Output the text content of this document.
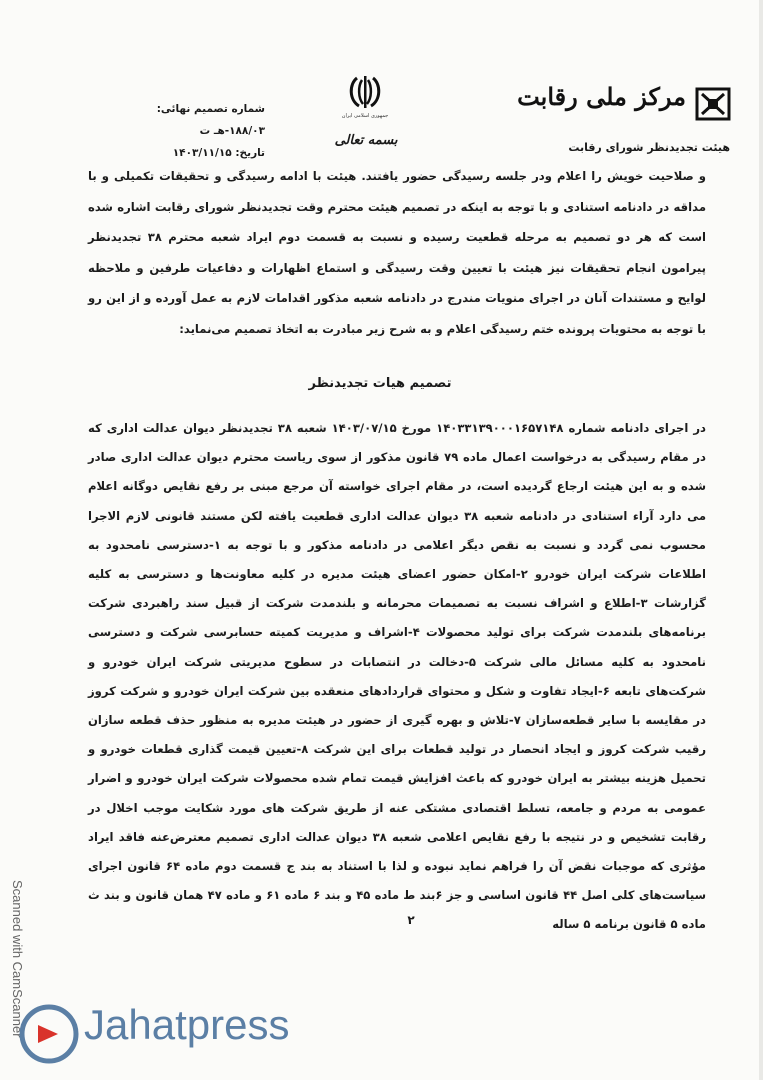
مرکز ملی رقابت
هیئت تجدیدنظر شورای رقابت
جمهوری اسلامی ایران
بسمه تعالی
شماره تصمیم نهائی: ۱۸۸/۰۳-هـ ت
تاریخ: ۱۴۰۳/۱۱/۱۵

و صلاحیت خویش را اعلام ودر جلسه رسیدگی حضور یافتند. هیئت با ادامه رسیدگی و تحقیقات تکمیلی و با مداقه در دادنامه استنادی و با توجه به اینکه در تصمیم هیئت محترم وقت تجدیدنظر شورای رقابت اشاره شده است که هر دو تصمیم به مرحله قطعیت رسیده و نسبت به قسمت دوم ایراد شعبه محترم ۳۸ تجدیدنظر پیرامون انجام تحقیقات نیز هیئت با تعیین وقت رسیدگی و استماع اظهارات و دفاعیات طرفین و ملاحظه لوایح و مستندات آنان در اجرای منویات مندرج در دادنامه شعبه مذکور اقدامات لازم به عمل آورده و از این رو با توجه به محتویات پرونده ختم رسیدگی اعلام و به شرح زیر مبادرت به اتخاذ تصمیم می‌نماید:

تصمیم هیات تجدیدنظر

در اجرای دادنامه شماره ۱۴۰۳۳۱۳۹۰۰۰۱۶۵۷۱۴۸ مورخ ۱۴۰۳/۰۷/۱۵ شعبه ۳۸ تجدیدنظر دیوان عدالت اداری که در مقام رسیدگی به درخواست اعمال ماده ۷۹ قانون مذکور از سوی ریاست محترم دیوان عدالت اداری صادر شده و به این هیئت ارجاع گردیده است، در مقام اجرای خواسته آن مرجع مبنی بر رفع نقایص دوگانه اعلام می دارد آراء استنادی در دادنامه شعبه ۳۸ دیوان عدالت اداری قطعیت یافته لکن مستند قانونی لازم الاجرا محسوب نمی گردد و نسبت به نقص دیگر اعلامی در دادنامه مذکور و با توجه به ۱-دسترسی نامحدود به اطلاعات شرکت ایران خودرو ۲-امکان حضور اعضای هیئت مدیره در کلیه معاونت‌ها و دسترسی به کلیه گزارشات ۳-اطلاع و اشراف نسبت به تصمیمات محرمانه و بلندمدت شرکت از قبیل سند راهبردی شرکت برنامه‌های بلندمدت شرکت برای تولید محصولات ۴-اشراف و مدیریت کمیته حسابرسی شرکت و دسترسی نامحدود به کلیه مسائل مالی شرکت ۵-دخالت در انتصابات در سطوح مدیریتی شرکت ایران خودرو و شرکت‌های تابعه ۶-ایجاد تفاوت و شکل و محتوای قراردادهای منعقده بین شرکت ایران خودرو و شرکت کروز در مقایسه با سایر قطعه‌سازان ۷-تلاش و بهره گیری از حضور در هیئت مدیره به منظور حذف قطعه سازان رقیب شرکت کروز و ایجاد انحصار در تولید قطعات برای این شرکت ۸-تعیین قیمت گذاری قطعات خودرو و تحمیل هزینه بیشتر به ایران خودرو که باعث افزایش قیمت تمام شده محصولات شرکت ایران خودرو و اضرار عمومی به مردم و جامعه، تسلط اقتصادی مشتکی عنه از طریق شرکت های مورد شکایت موجب اخلال در رقابت تشخیص و در نتیجه با رفع نقایص اعلامی شعبه ۳۸ دیوان عدالت اداری تصمیم معترض‌عنه فاقد ایراد مؤثری که موجبات نقض آن را فراهم نماید نبوده و لذا با استناد به بند ج قسمت دوم ماده ۶۴ قانون اجرای سیاست‌های کلی اصل ۴۴ قانون اساسی و جز ۶بند ط ماده ۴۵ و بند ۶ ماده ۶۱ و ماده ۴۷ همان قانون و بند ث ماده ۵ قانون برنامه ۵ ساله

۲
Scanned with CamScanner Jahatpress
